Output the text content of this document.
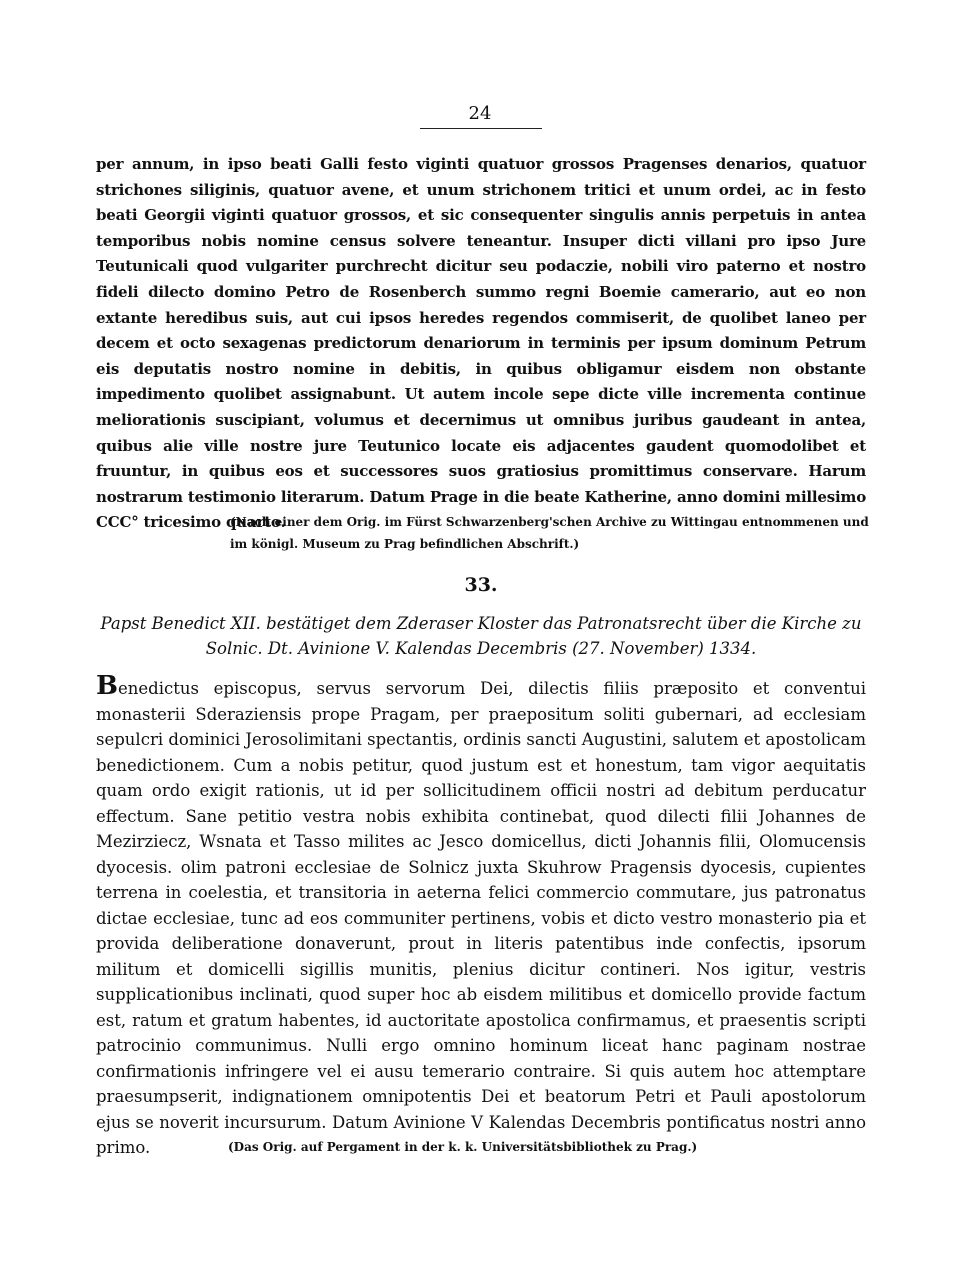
24

per annum, in ipso beati Galli festo viginti quatuor grossos Pragenses denarios, quatuor strichones siliginis, quatuor avene, et unum strichonem tritici et unum ordei, ac in festo beati Georgii viginti quatuor grossos, et sic consequenter singulis annis perpetuis in antea temporibus nobis nomine census solvere teneantur. Insuper dicti villani pro ipso Jure Teutunicali quod vulgariter purchrecht dicitur seu podaczie, nobili viro paterno et nostro fideli dilecto domino Petro de Rosenberch summo regni Boemie camerario, aut eo non extante heredibus suis, aut cui ipsos heredes regendos commiserit, de quolibet laneo per decem et octo sexagenas predictorum denariorum in terminis per ipsum dominum Petrum eis deputatis nostro nomine in debitis, in quibus obligamur eisdem non obstante impedimento quolibet assignabunt. Ut autem incole sepe dicte ville incrementa continue meliorationis suscipiant, volumus et decernimus ut omnibus juribus gaudeant in antea, quibus alie ville nostre jure Teutunico locate eis adjacentes gaudent quomodolibet et fruuntur, in quibus eos et successores suos gratiosius promittimus conservare. Harum nostrarum testimonio literarum. Datum Prage in die beate Katherine, anno domini millesimo CCC° tricesimo quarto.

(Nach einer dem Orig. im Fürst Schwarzenberg'schen Archive zu Wittingau entnommenen und im königl. Museum zu Prag befindlichen Abschrift.)

33.

Papst Benedict XII. bestätiget dem Zderaser Kloster das Patronatsrecht über die Kirche zu Solnic. Dt. Avinione V. Kalendas Decembris (27. November) 1334.

Benedictus episcopus, servus servorum Dei, dilectis filiis præposito et conventui monasterii Sderaziensis prope Pragam, per praepositum soliti gubernari, ad ecclesiam sepulcri dominici Jerosolimitani spectantis, ordinis sancti Augustini, salutem et apostolicam benedictionem. Cum a nobis petitur, quod justum est et honestum, tam vigor aequitatis quam ordo exigit rationis, ut id per sollicitudinem officii nostri ad debitum perducatur effectum. Sane petitio vestra nobis exhibita continebat, quod dilecti filii Johannes de Mezirziecz, Wsnata et Tasso milites ac Jesco domicellus, dicti Johannis filii, Olomucensis dyocesis. olim patroni ecclesiae de Solnicz juxta Skuhrow Pragensis dyocesis, cupientes terrena in coelestia, et transitoria in aeterna felici commercio commutare, jus patronatus dictae ecclesiae, tunc ad eos communiter pertinens, vobis et dicto vestro monasterio pia et provida deliberatione donaverunt, prout in literis patentibus inde confectis, ipsorum militum et domicelli sigillis munitis, plenius dicitur contineri. Nos igitur, vestris supplicationibus inclinati, quod super hoc ab eisdem militibus et domicello provide factum est, ratum et gratum habentes, id auctoritate apostolica confirmamus, et praesentis scripti patrocinio communimus. Nulli ergo omnino hominum liceat hanc paginam nostrae confirmationis infringere vel ei ausu temerario contraire. Si quis autem hoc attemptare praesumpserit, indignationem omnipotentis Dei et beatorum Petri et Pauli apostolorum ejus se noverit incursurum. Datum Avinione V Kalendas Decembris pontificatus nostri anno primo.	(Das Orig. auf Pergament in der k. k. Universitätsbibliothek zu Prag.)
